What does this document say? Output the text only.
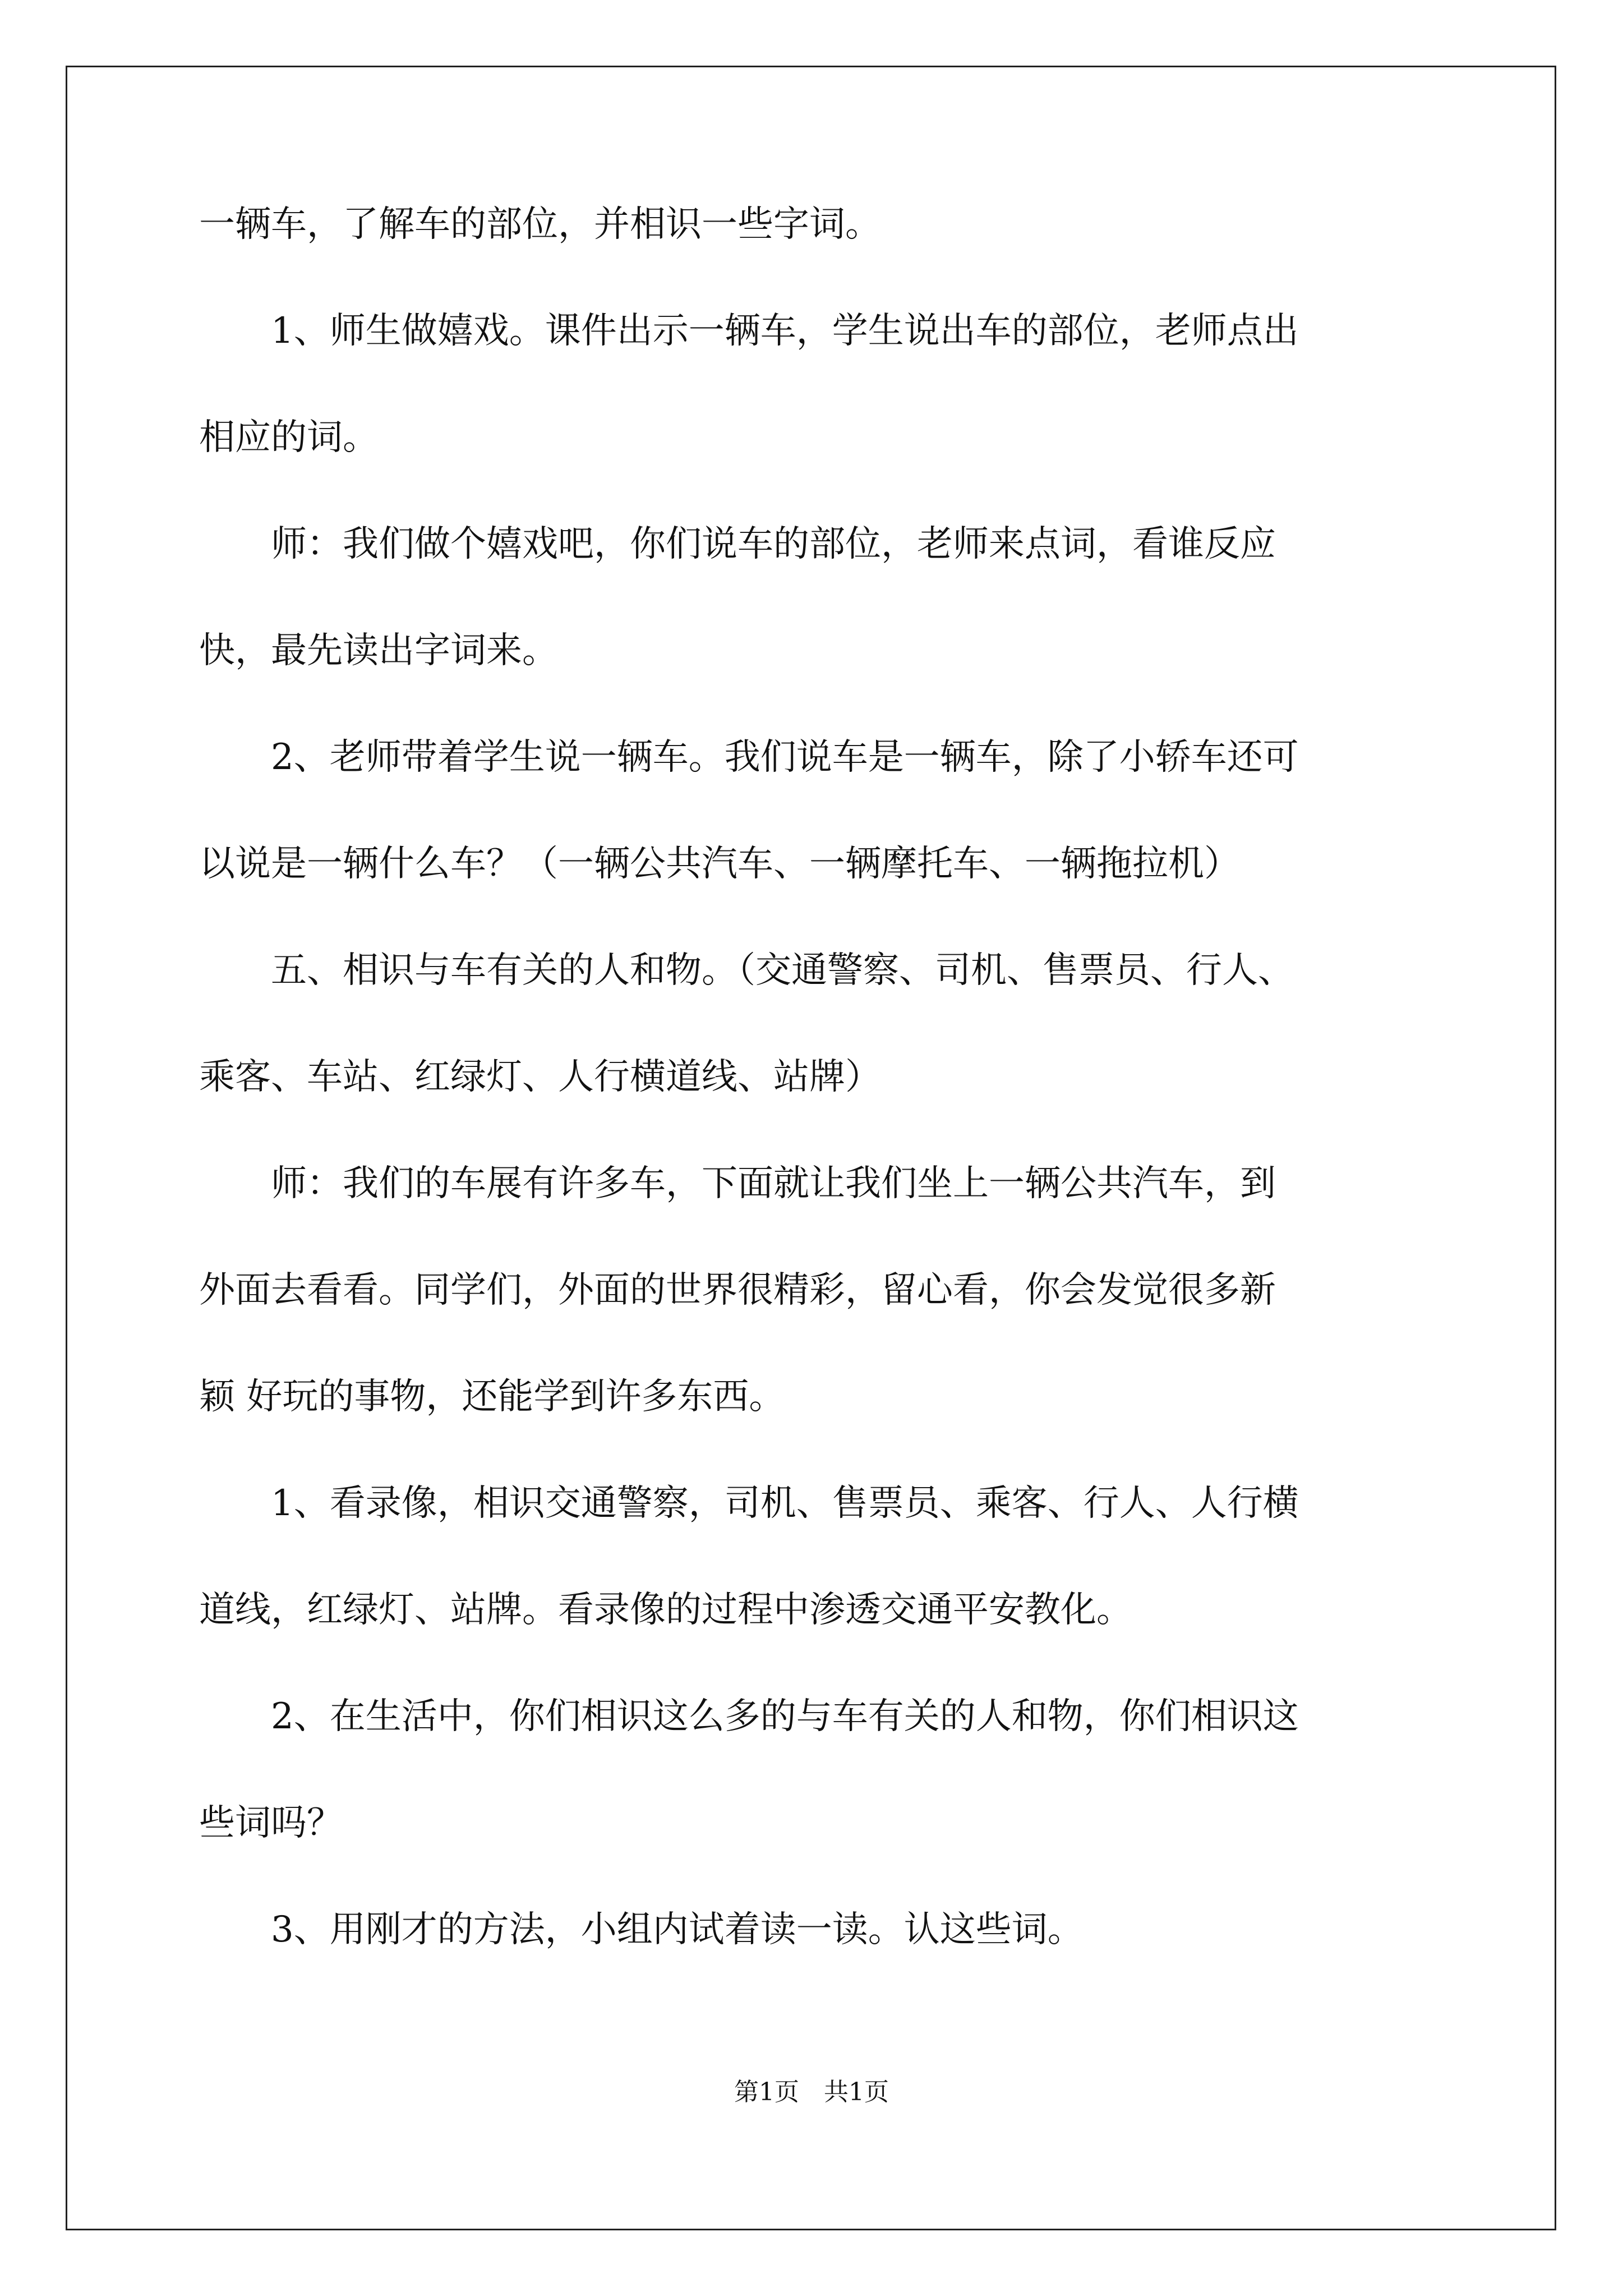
一辆车，了解车的部位，并相识一些字词。
　　1、师生做嬉戏。课件出示一辆车，学生说出车的部位，老师点出
相应的词。
　　师：我们做个嬉戏吧，你们说车的部位，老师来点词，看谁反应
快，最先读出字词来。
　　2、老师带着学生说一辆车。我们说车是一辆车，除了小轿车还可
以说是一辆什么车？（一辆公共汽车、一辆摩托车、一辆拖拉机）
　　五、相识与车有关的人和物。（交通警察、司机、售票员、行人、
乘客、车站、红绿灯、人行横道线、站牌）
　　师：我们的车展有许多车，下面就让我们坐上一辆公共汽车，到
外面去看看。同学们，外面的世界很精彩，留心看，你会发觉很多新
颖 好玩的事物，还能学到许多东西。
　　1、看录像，相识交通警察，司机、售票员、乘客、行人、人行横
道线，红绿灯、站牌。看录像的过程中渗透交通平安教化。
　　2、在生活中，你们相识这么多的与车有关的人和物，你们相识这
些词吗？
　　3、用刚才的方法，小组内试着读一读。认这些词。
第1页　共1页
